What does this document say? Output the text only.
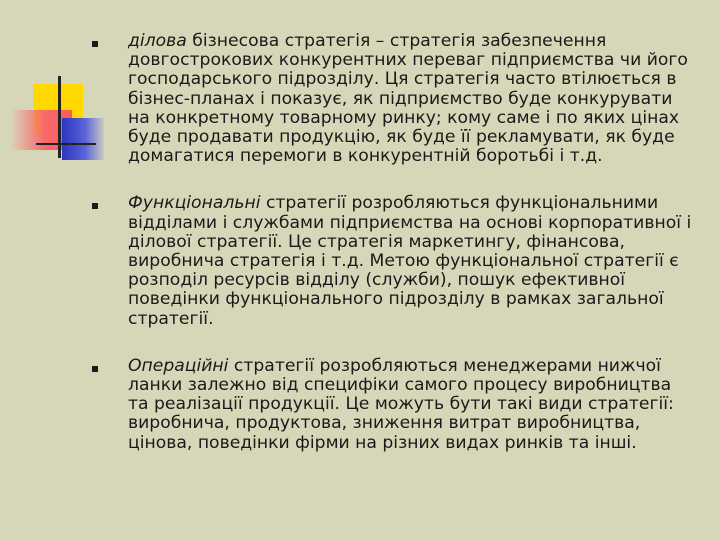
ділова бізнесова стратегія – стратегія забезпечення
довгострокових конкурентних переваг підприємства чи його
господарського підрозділу. Ця стратегія часто втілюється в
бізнес-планах і показує, як підприємство буде конкурувати
на конкретному товарному ринку; кому саме і по яких цінах
буде продавати продукцію, як буде її рекламувати, як буде
домагатися перемоги в конкурентній боротьбі і т.д.
Функціональні стратегії розробляються функціональними
відділами і службами підприємства на основі корпоративної і
ділової стратегії. Це стратегія маркетингу, фінансова,
виробнича стратегія і т.д. Метою функціональної стратегії є
розподіл ресурсів відділу (служби), пошук ефективної
поведінки функціонального підрозділу в рамках загальної
стратегії.
Операційні стратегії розробляються менеджерами нижчої
ланки залежно від специфіки самого процесу виробництва
та реалізації продукції. Це можуть бути такі види стратегії:
виробнича, продуктова, зниження витрат виробництва,
цінова, поведінки фірми на різних видах ринків та інші.
